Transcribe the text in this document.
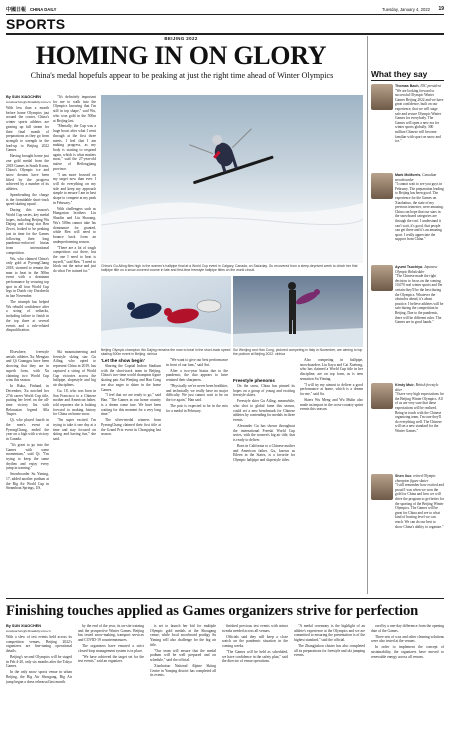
中國日報 CHINA DAILY	Tuesday, January 4, 2022 19
SPORTS
BEIJING 2022
HOMING IN ON GLORY
China's medal hopefuls appear to be peaking at just the right time ahead of Winter Olympics
By SUN XIAOCHEN
sunxiaochen@chinadaily.com.cn

With less than a month before home Olympics just around the corner, China's winter sports athletes are gearing up full steam for their final month of preparations as they go from strength to strength in the lead-up to Beijing 2022 Games.

Having brought home just one gold medal from the 2018 Games in South Korea, China's Olympic ice and snow dreams have been lifted by the progress achieved by a number of its athletes.

Spearheading the charge is the formidable short-track speed skating squad.

During this season's World Cup series, key medal hopes, including Beijing Wu Dajing and rising star Ren Ziwei, looked to be peaking just in time for the Games following their long pandemic-enforced hiatus from international competition.

Wu, who claimed China's only gold at PyeongChang 2018, stormed to remain the man to beat in the 500m event with a dominant performance by securing top spot in all four World Cup legs in Dutch city Dordrecht in late November.

The triumph has helped Wu rebuild confidence after a string of setbacks, including failure to finish in the top three at several events and a rule-related disqualification.

"It's definitely important for me to walk into the Olympics knowing that I'm still in top shape," said Wu, who won gold in the 500m at Beijing last.

"Mentally, the Cup was a huge boost after what I went through at the first three meets. I feel that I am making progress, as my body is starting to respond again, which is what matters most," said the 27-year-old native of Heilongjiang province.

"I am more focused on my target now than ever. I will do everything on my side and keep my approach simple to ensure I am in best shape to compete at my peak in February."

With challengers such as Hungarian brothers Liu Shaolin and Liu Shaoang, Wu's 500m cannot take his dominance for granted, while Ren will need to bounce back from an underperforming season.

"There are a lot of tough competitors out there, but the one I need to beat is myself," said Ren. "I need to block out the noise and just do what I've trained for."

China's Gu Ailing flies high in the women's halfpipe final at a World Cup event in Calgary, Canada, on Saturday. Gu recovered from a sleep-deprived week to clinch her first halfpipe title on a snow-covered course in late and first-time freestyle halfpipe titles on the world circuit.
Beijing Olympic champion Wu Dajing remains the man to beat in the short-track speed skating 500m event in Beijing. xinhua
Sui Wenjing and Han Cong, pictured competing in Italy in November, are aiming to top the podium at Beijing 2022. xinhua

Elsewhere, freestyle aerials athletes Xu Mengtao and Qi Guangpu have been showing that they are in superb form, with Xu claiming two World Cup wins this season.

In Ruka, Finland, in December, Xu notched her 27th career World Cup title, putting her level on the all-time victory list with Belarusian legend Alla Tsuper.

Qi, who placed fourth in the men's event at PyeongChang, ended the year on a high with a victory in Canada.

"It's great to go into the Games with some momentum," said Qi. "I'm trying to keep the same rhythm and enjoy every jump in training."

Snowboarder Su Yiming, 17, added another podium at the Big Air World Cup in Steamboat Springs, US.

Ski mountaineering and freestyle skiing star Gu Ailing, who opted to represent China in 2019, has captured a string of World Cup victories across the halfpipe, slopestyle and big air disciplines.

Gu, 18, who was born in San Francisco to a Chinese mother and American father, told reporters she is looking forward to making history for China on home snow.

"I'm super excited. I'm trying to take it one day at a time and stay focused on skiing and having fun," she said.

'Let the show begin'

Sharing the Capital Indoor Stadium with the short-track team in Beijing, China's two-time world champion figure skating pair Sui Wenjing and Han Cong are also eager to shine in the home Games.

"I feel that we are ready to go," said Han. "The Games in our home country is a dream come true. We have been waiting for this moment for a very long time."

The silver-medal winners from PyeongChang claimed their first title at the Grand Prix event in Chongqing last season.

"We want to give our best performance in front of our fans," said Sui.

After a two-year hiatus due to the pandemic, the duo appears to have retained their sharpness.

"Physically we've never been healthier, and technically we really have no major difficulty. We just cannot wait to be on the ice again," Han said.

The pair is expected to be in the mix for a medal in February.

Freestyle phenoms

On the snow, China has pinned its hopes on a group of young and exciting freestyle skiers.

Freestyle skier Gu Ailing, meanwhile, who shot to global fame this season, could set a new benchmark for Chinese athletes by contending for medals in three events.

Alexander Gu has shown throughout the international Freeski World Cup series, with the women's big air title, that is ready to deliver.

Born in California to a Chinese mother and American father, Gu, known as Eileen in the States, is a favorite for Olympic halfpipe and slopestyle titles.

Also competing in halfpipe, snowboarders Liu Jiayu and Cai Xuetong, who has claimed a World Cup title in her discipline, are on top form, as is teen sensation Su Yiming.

"I will try my utmost to deliver a good performance at home, which is a dream for me," said Su.

Skiers Wu Meng and Wu Mulin also made an impact in the cross-country sprint events this season.

What they say
Thomas Bach, IOC president
"We are looking forward to successful Olympic Winter Games Beijing 2022 and we have great confidence, built on our experience, that we will stage safe and secure Olympic Winter Games for everybody. The Games will open a new era for winter sports globally. 300 million Chinese will become familiar with sport on snow and ice."
Mark McMorris, Canadian snowboarder
"I cannot wait to see you guys in February. The preparation leading to Beijing has been good. The experience for the Games on Xiaohaituo, the state of my previous trimester, were amazing. China can hope that our stars in the snowboard categories are through the roof. I understand it can't wait, it's good, that people can get there and it's an amazing sport. I really appreciate the support from China."
Ayumi Tsuchiya, Japanese Olympic Bobsledder
"The Chinese made the right decision to focus on the coming 10,070 real winter sports and I'm certain they'll be the best during the Olympics. Whatever the obstacles ahead, it's about practice. I believe athletes will be safe during the competition in Beijing. Due to the pandemic, there will be different rules. The Games are in good hands."
Kirsty Muir, British freestyle skier
"I have very high expectations for the Beijing Winter Olympics. All of us are very sure that these expectations will be realized. Being in touch with the Chinese organizing team, I'm sure they'll do everything well. The Chinese will set a new standard for the Winter Games."
Shen Xue, retired Olympic champion figure skater
"I still remember how excited and proud I was when we won the gold for China and how we will drive the program to get better for the sporting of the Beijing Winter Olympics. The Games will be great for China and see to what kind of hosting level we can reach. We can do our best to show China's ability to organize."
Finishing touches applied as Games organizers strive for perfection
By SUN XIAOCHEN
sunxiaochen@chinadaily.com.cn

With a slew of test events held across its competition venues, Beijing 2022's organizers are fine-tuning operational details.

Beijing's second Olympics will be staged in Feb 4-20, only six months after the Tokyo Games.

In the only snow sports venue in urban Beijing, the Big Air Shougang, Big Air jump began a dress rehearsal last month.

by the end of the year, its on-site training and the prospective Winter Games. Beijing has tested snow-making, transport services and COVID-19 countermeasures.

The organizers have ensured a strict closed-loop management system is in place.

"We have achieved the target set for the test events," said an organizer.

is set to launch her bid for multiple Olympic gold medals at the Shougang venue, while local snowboard prodigy Su Yiming will also challenge for the big air title.

"Our team will ensure that the medal podium will be well prepared and on schedule," said the official.

Xiaohaituo National Alpine Skiing Centre in Yanqing district has completed all its events.

finished previous test events with minor tweaks needed across all venues.

Officials said they will keep a close watch on the pandemic situation in the coming weeks.

"The Games will be held as scheduled, we have confidence in the safety plan," said the director of venue operations.

"A medal ceremony is the highlight of an athlete's experience at the Olympics and we are committed to ensuring the presentation is of the highest standard," said the official.

The Zhangjiakou cluster has also completed all its preparations for freestyle and ski jumping events.

ored by a one-day difference from the opening date of the Games.

Three sets of wax and other cleaning solutions were also tested at the venues.

In order to implement the concept of sustainability, the organizers have moved to renewable energy across all venues.
